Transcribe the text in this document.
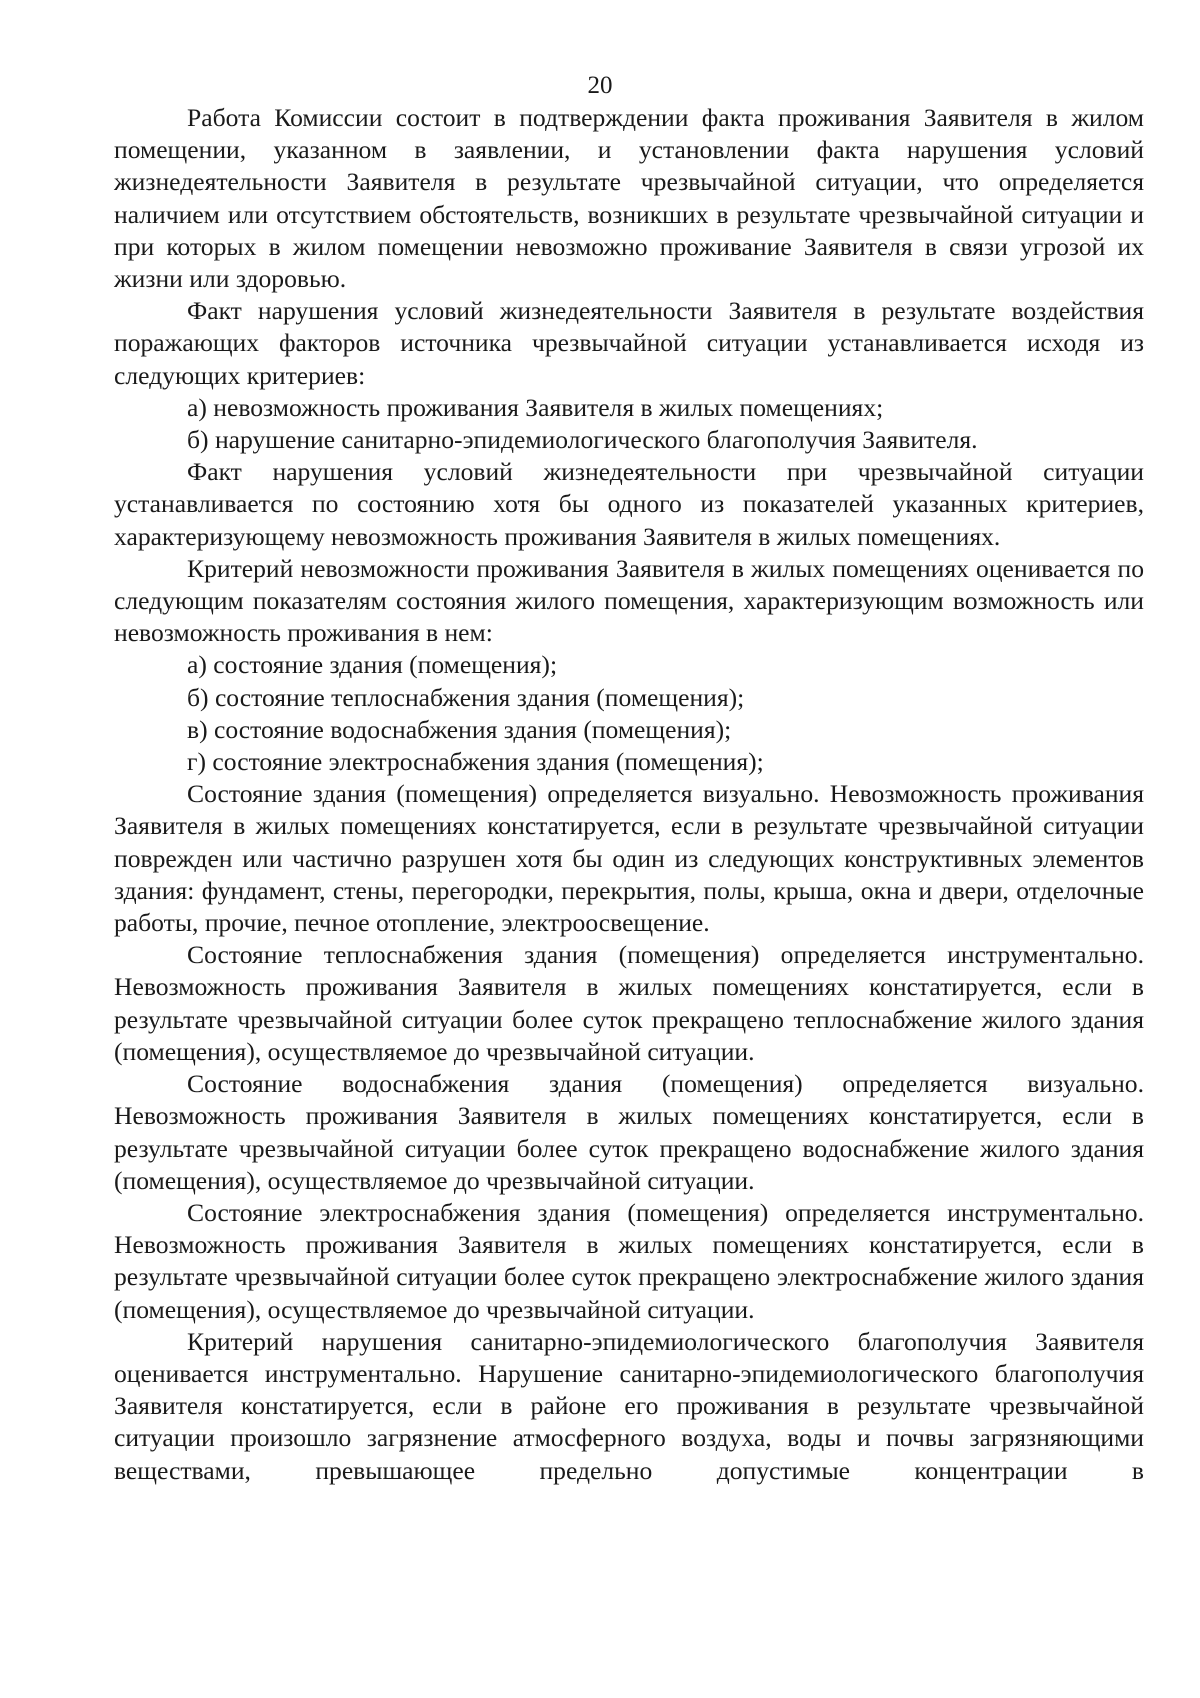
20

Работа Комиссии состоит в подтверждении факта проживания Заявителя в жилом помещении, указанном в заявлении, и установлении факта нарушения условий жизнедеятельности Заявителя в результате чрезвычайной ситуации, что определяется наличием или отсутствием обстоятельств, возникших в результате чрезвычайной ситуации и при которых в жилом помещении невозможно проживание Заявителя в связи угрозой их жизни или здоровью.

Факт нарушения условий жизнедеятельности Заявителя в результате воздействия поражающих факторов источника чрезвычайной ситуации устанавливается исходя из следующих критериев:

а) невозможность проживания Заявителя в жилых помещениях;

б) нарушение санитарно-эпидемиологического благополучия Заявителя.

Факт нарушения условий жизнедеятельности при чрезвычайной ситуации устанавливается по состоянию хотя бы одного из показателей указанных критериев, характеризующему невозможность проживания Заявителя в жилых помещениях.

Критерий невозможности проживания Заявителя в жилых помещениях оценивается по следующим показателям состояния жилого помещения, характеризующим возможность или невозможность проживания в нем:

а) состояние здания (помещения);

б) состояние теплоснабжения здания (помещения);

в) состояние водоснабжения здания (помещения);

г) состояние электроснабжения здания (помещения);

Состояние здания (помещения) определяется визуально. Невозможность проживания Заявителя в жилых помещениях констатируется, если в результате чрезвычайной ситуации поврежден или частично разрушен хотя бы один из следующих конструктивных элементов здания: фундамент, стены, перегородки, перекрытия, полы, крыша, окна и двери, отделочные работы, прочие, печное отопление, электроосвещение.

Состояние теплоснабжения здания (помещения) определяется инструментально. Невозможность проживания Заявителя в жилых помещениях констатируется, если в результате чрезвычайной ситуации более суток прекращено теплоснабжение жилого здания (помещения), осуществляемое до чрезвычайной ситуации.

Состояние водоснабжения здания (помещения) определяется визуально. Невозможность проживания Заявителя в жилых помещениях констатируется, если в результате чрезвычайной ситуации более суток прекращено водоснабжение жилого здания (помещения), осуществляемое до чрезвычайной ситуации.

Состояние электроснабжения здания (помещения) определяется инструментально. Невозможность проживания Заявителя в жилых помещениях констатируется, если в результате чрезвычайной ситуации более суток прекращено электроснабжение жилого здания (помещения), осуществляемое до чрезвычайной ситуации.

Критерий нарушения санитарно-эпидемиологического благополучия Заявителя оценивается инструментально. Нарушение санитарно-эпидемиологического благополучия Заявителя констатируется, если в районе его проживания в результате чрезвычайной ситуации произошло загрязнение атмосферного воздуха, воды и почвы загрязняющими веществами, превышающее предельно допустимые концентрации в
